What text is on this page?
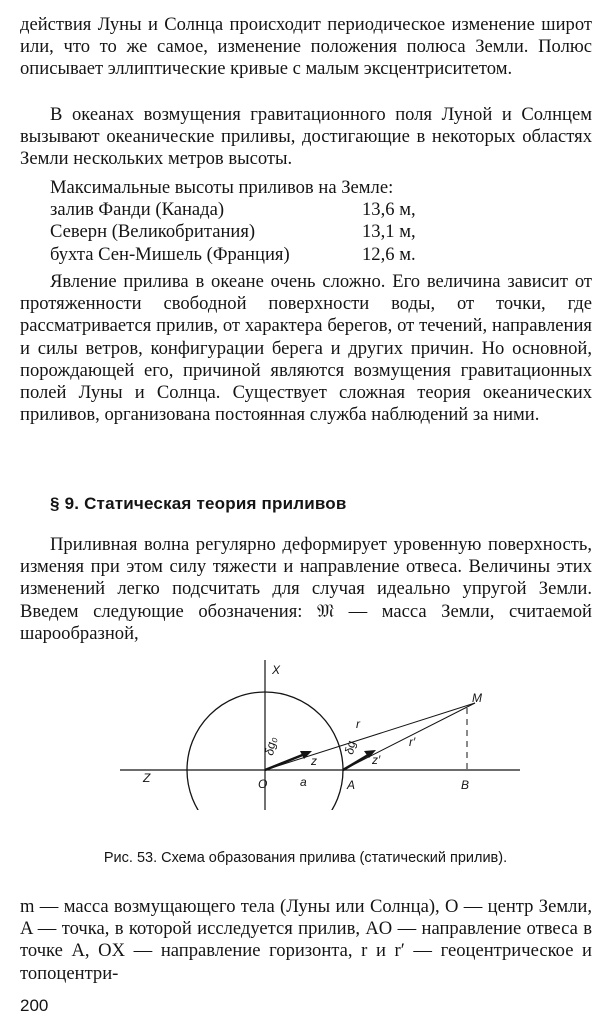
действия Луны и Солнца происходит периодическое изменение широт или, что то же самое, изменение положения полюса Земли. Полюс описывает эллиптические кривые с малым эксцентриситетом.

В океанах возмущения гравитационного поля Луной и Солнцем вызывают океанические приливы, достигающие в некоторых областях Земли нескольких метров высоты.

Максимальные высоты приливов на Земле:
залив Фанди (Канада)	13,6 м,
Северн (Великобритания)	13,1 м,
бухта Сен-Мишель (Франция)	12,6 м.

Явление прилива в океане очень сложно. Его величина зависит от протяженности свободной поверхности воды, от точки, где рассматривается прилив, от характера берегов, от течений, направления и силы ветров, конфигурации берега и других причин. Но основной, порождающей его, причиной являются возмущения гравитационных полей Луны и Солнца. Существует сложная теория океанических приливов, организована постоянная служба наблюдений за ними.

§ 9. Статическая теория приливов

Приливная волна регулярно деформирует уровенную поверхность, изменяя при этом силу тяжести и направление отвеса. Величины этих изменений легко подсчитать для случая идеально упругой Земли. Введем следующие обозначения: 𝔐 — масса Земли, считаемой шарообразной,

X
Z	O	a	A	B
M
r
r′
z	z′
δg₀	δg
Рис. 53. Схема образования прилива (статический прилив).

m — масса возмущающего тела (Луны или Солнца), O — центр Земли, A — точка, в которой исследуется прилив, AO — направление отвеса в точке A, OX — направление горизонта, r и r′ — геоцентрическое и топоцентри-

200
